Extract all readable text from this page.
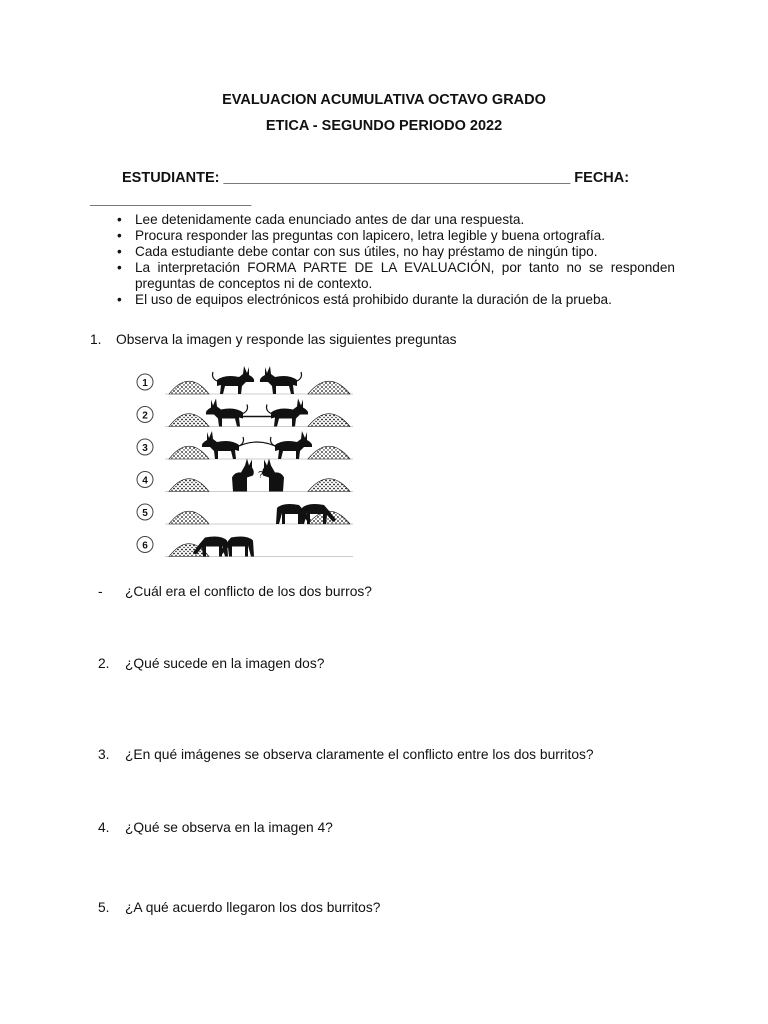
EVALUACION ACUMULATIVA OCTAVO GRADO
ETICA - SEGUNDO PERIODO 2022
ESTUDIANTE: ___________________________________________ FECHA:
____________________
• Lee detenidamente cada enunciado antes de dar una respuesta.
• Procura responder las preguntas con lapicero, letra legible y buena ortografía.
• Cada estudiante debe contar con sus útiles, no hay préstamo de ningún tipo.
• La interpretación FORMA PARTE DE LA EVALUACIÓN, por tanto no se responden preguntas de conceptos ni de contexto.
• El uso de equipos electrónicos está prohibido durante la duración de la prueba.
1. Observa la imagen y responde las siguientes preguntas
1
2
3
4
?
5
6
- ¿Cuál era el conflicto de los dos burros?
2. ¿Qué sucede en la imagen dos?
3. ¿En qué imágenes se observa claramente el conflicto entre los dos burritos?
4. ¿Qué se observa en la imagen 4?
5. ¿A qué acuerdo llegaron los dos burritos?
